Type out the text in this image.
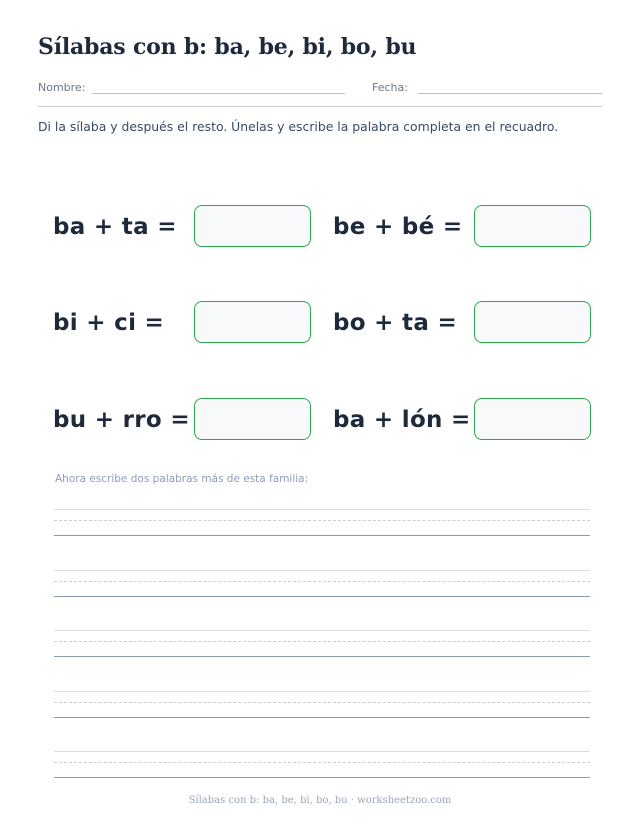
Sílabas con b: ba, be, bi, bo, bu
Nombre:	Fecha:

Di la sílaba y después el resto. Únelas y escribe la palabra completa en el recuadro.

ba + ta =	be + bé =
bi + ci =	bo + ta =
bu + rro =	ba + lón =

Ahora escribe dos palabras más de esta familia:

Sílabas con b: ba, be, bi, bo, bu · worksheetzoo.com
